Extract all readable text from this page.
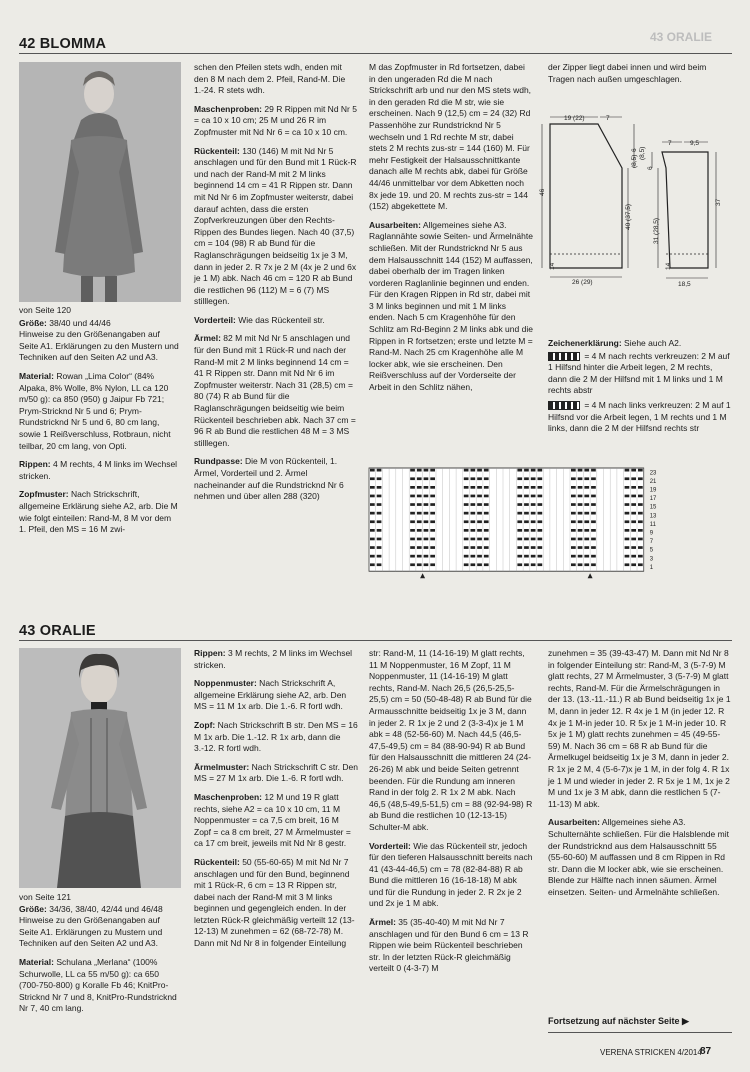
43 ORALIE
42 BLOMMA
von Seite 120

Größe: 38/40 und 44/46

Hinweise zu den Größenangaben auf Seite A1. Erklärungen zu den Mustern und Techniken auf den Seiten A2 und A3.

Material: Rowan „Lima Color“ (84% Alpaka, 8% Wolle, 8% Nylon, LL ca 120 m/50 g): ca 850 (950) g Jaipur Fb 721; Prym-Stricknd Nr 5 und 6; Prym-Rundstricknd Nr 5 und 6, 80 cm lang, sowie 1 Reißverschluss, Rotbraun, nicht teilbar, 20 cm lang, von Opti.

Rippen: 4 M rechts, 4 M links im Wechsel stricken.

Zopfmuster: Nach Strickschrift, allgemeine Erklärung siehe A2, arb. Die M wie folgt einteilen: Rand-M, 8 M vor dem 1. Pfeil, den MS = 16 M zwi-

schen den Pfeilen stets wdh, enden mit den 8 M nach dem 2. Pfeil, Rand-M. Die 1.-24. R stets wdh.

Maschenproben: 29 R Rippen mit Nd Nr 5 = ca 10 x 10 cm; 25 M und 26 R im Zopfmuster mit Nd Nr 6 = ca 10 x 10 cm.

Rückenteil: 130 (146) M mit Nd Nr 5 anschlagen und für den Bund mit 1 Rück-R und nach der Rand-M mit 2 M links beginnend 14 cm = 41 R Rippen str. Dann mit Nd Nr 6 im Zopfmuster weiterstr, dabei darauf achten, dass die ersten Zopfverkreuzungen über den Rechts-Rippen des Bundes liegen. Nach 40 (37,5) cm = 104 (98) R ab Bund für die Raglanschrägungen beidseitig 1x je 3 M, dann in jeder 2. R 7x je 2 M (4x je 2 und 6x je 1 M) abk. Nach 46 cm = 120 R ab Bund die restlichen 96 (112) M = 6 (7) MS stilllegen.

Vorderteil: Wie das Rückenteil str.

Ärmel: 82 M mit Nd Nr 5 anschlagen und für den Bund mit 1 Rück-R und nach der Rand-M mit 2 M links beginnend 14 cm = 41 R Rippen str. Dann mit Nd Nr 6 im Zopfmuster weiterstr. Nach 31 (28,5) cm = 80 (74) R ab Bund für die Raglanschrägungen beidseitig wie beim Rückenteil beschrieben abk. Nach 37 cm = 96 R ab Bund die restlichen 48 M = 3 MS stilllegen.

Rundpasse: Die M von Rückenteil, 1. Ärmel, Vorderteil und 2. Ärmel nacheinander auf die Rundstricknd Nr 6 nehmen und über allen 288 (320)

M das Zopfmuster in Rd fortsetzen, dabei in den ungeraden Rd die M nach Strickschrift arb und nur den MS stets wdh, in den geraden Rd die M str, wie sie erscheinen. Nach 9 (12,5) cm = 24 (32) Rd Passenhöhe zur Rundstricknd Nr 5 wechseln und 1 Rd rechte M str, dabei stets 2 M rechts zus-str = 144 (160) M. Für mehr Festigkeit der Halsausschnittkante danach alle M rechts abk, dabei für Größe 44/46 unmittelbar vor dem Abketten noch 8x jede 19. und 20. M rechts zus-str = 144 (152) abgekettete M.

Ausarbeiten: Allgemeines siehe A3. Raglannähte sowie Seiten- und Ärmelnähte schließen. Mit der Rundstricknd Nr 5 aus dem Halsausschnitt 144 (152) M auffassen, dabei oberhalb der im Tragen linken vorderen Raglanlinie beginnen und enden. Für den Kragen Rippen in Rd str, dabei mit 3 M links beginnen und mit 1 M links enden. Nach 5 cm Kragenhöhe für den Schlitz am Rd-Beginn 2 M links abk und die Rippen in R fortsetzen; erste und letzte M = Rand-M. Nach 25 cm Kragenhöhe alle M locker abk, wie sie erscheinen. Den Reißverschluss auf der Vorderseite der Arbeit in den Schlitz nähen,

der Zipper liegt dabei innen und wird beim Tragen nach außen umgeschlagen.

19 (22)	7
46
40 (37,5)
6
(8,5)
26 (29)
14
7	9,5
6
(8,5)
37
31 (28,5)
18,5
14

Zeichenerklärung: Siehe auch A2.

= 4 M nach rechts verkreuzen: 2 M auf 1 Hilfsnd hinter die Arbeit legen, 2 M rechts, dann die 2 M der Hilfsnd mit 1 M links und 1 M rechts abstr

= 4 M nach links verkreuzen: 2 M auf 1 Hilfsnd vor die Arbeit legen, 1 M rechts und 1 M links, dann die 2 M der Hilfsnd rechts str

23
21
19
17
15
13
11
9
7
5
3
1
43 ORALIE
von Seite 121

Größe: 34/36, 38/40, 42/44 und 46/48

Hinweise zu den Größenangaben auf Seite A1. Erklärungen zu Mustern und Techniken auf den Seiten A2 und A3.

Material: Schulana „Merlana“ (100% Schurwolle, LL ca 55 m/50 g): ca 650 (700-750-800) g Koralle Fb 46; KnitPro-Stricknd Nr 7 und 8, KnitPro-Rundstricknd Nr 7, 40 cm lang.

Rippen: 3 M rechts, 2 M links im Wechsel stricken.

Noppenmuster: Nach Strickschrift A, allgemeine Erklärung siehe A2, arb. Den MS = 11 M 1x arb. Die 1.-6. R fortl wdh.

Zopf: Nach Strickschrift B str. Den MS = 16 M 1x arb. Die 1.-12. R 1x arb, dann die 3.-12. R fortl wdh.

Ärmelmuster: Nach Strickschrift C str. Den MS = 27 M 1x arb. Die 1.-6. R fortl wdh.

Maschenproben: 12 M und 19 R glatt rechts, siehe A2 = ca 10 x 10 cm, 11 M Noppenmuster = ca 7,5 cm breit, 16 M Zopf = ca 8 cm breit, 27 M Ärmelmuster = ca 17 cm breit, jeweils mit Nd Nr 8 gestr.

Rückenteil: 50 (55-60-65) M mit Nd Nr 7 anschlagen und für den Bund, beginnend mit 1 Rück-R, 6 cm = 13 R Rippen str, dabei nach der Rand-M mit 3 M links beginnen und gegengleich enden. In der letzten Rück-R gleichmäßig verteilt 12 (13-12-13) M zunehmen = 62 (68-72-78) M. Dann mit Nd Nr 8 in folgender Einteilung

str: Rand-M, 11 (14-16-19) M glatt rechts, 11 M Noppenmuster, 16 M Zopf, 11 M Noppenmuster, 11 (14-16-19) M glatt rechts, Rand-M. Nach 26,5 (26,5-25,5-25,5) cm = 50 (50-48-48) R ab Bund für die Armausschnitte beidseitig 1x je 3 M, dann in jeder 2. R 1x je 2 und 2 (3-3-4)x je 1 M abk = 48 (52-56-60) M. Nach 44,5 (46,5-47,5-49,5) cm = 84 (88-90-94) R ab Bund für den Halsausschnitt die mittleren 24 (24-26-26) M abk und beide Seiten getrennt beenden. Für die Rundung am inneren Rand in der folg 2. R 1x 2 M abk. Nach 46,5 (48,5-49,5-51,5) cm = 88 (92-94-98) R ab Bund die restlichen 10 (12-13-15) Schulter-M abk.

Vorderteil: Wie das Rückenteil str, jedoch für den tieferen Halsausschnitt bereits nach 41 (43-44-46,5) cm = 78 (82-84-88) R ab Bund die mittleren 16 (16-18-18) M abk und für die Rundung in jeder 2. R 2x je 2 und 2x je 1 M abk.

Ärmel: 35 (35-40-40) M mit Nd Nr 7 anschlagen und für den Bund 6 cm = 13 R Rippen wie beim Rückenteil beschrieben str. In der letzten Rück-R gleichmäßig verteilt 0 (4-3-7) M

zunehmen = 35 (39-43-47) M. Dann mit Nd Nr 8 in folgender Einteilung str: Rand-M, 3 (5-7-9) M glatt rechts, 27 M Ärmelmuster, 3 (5-7-9) M glatt rechts, Rand-M. Für die Ärmelschrägungen in der 13. (13.-11.-11.) R ab Bund beidseitig 1x je 1 M, dann in jeder 12. R 4x je 1 M (in jeder 12. R 4x je 1 M-in jeder 10. R 5x je 1 M-in jeder 10. R 5x je 1 M) glatt rechts zunehmen = 45 (49-55-59) M. Nach 36 cm = 68 R ab Bund für die Ärmelkugel beidseitig 1x je 3 M, dann in jeder 2. R 1x je 2 M, 4 (5-6-7)x je 1 M, in der folg 4. R 1x je 1 M und wieder in jeder 2. R 5x je 1 M, 1x je 2 M und 1x je 3 M abk, dann die restlichen 5 (7-11-13) M abk.

Ausarbeiten: Allgemeines siehe A3. Schulternähte schließen. Für die Halsblende mit der Rundstricknd aus dem Halsausschnitt 55 (55-60-60) M auffassen und 8 cm Rippen in Rd str. Dann die M locker abk, wie sie erscheinen. Blende zur Hälfte nach innen säumen. Ärmel einsetzen. Seiten- und Ärmelnähte schließen.

Fortsetzung auf nächster Seite ▶
VERENA STRICKEN 4/2014
87
